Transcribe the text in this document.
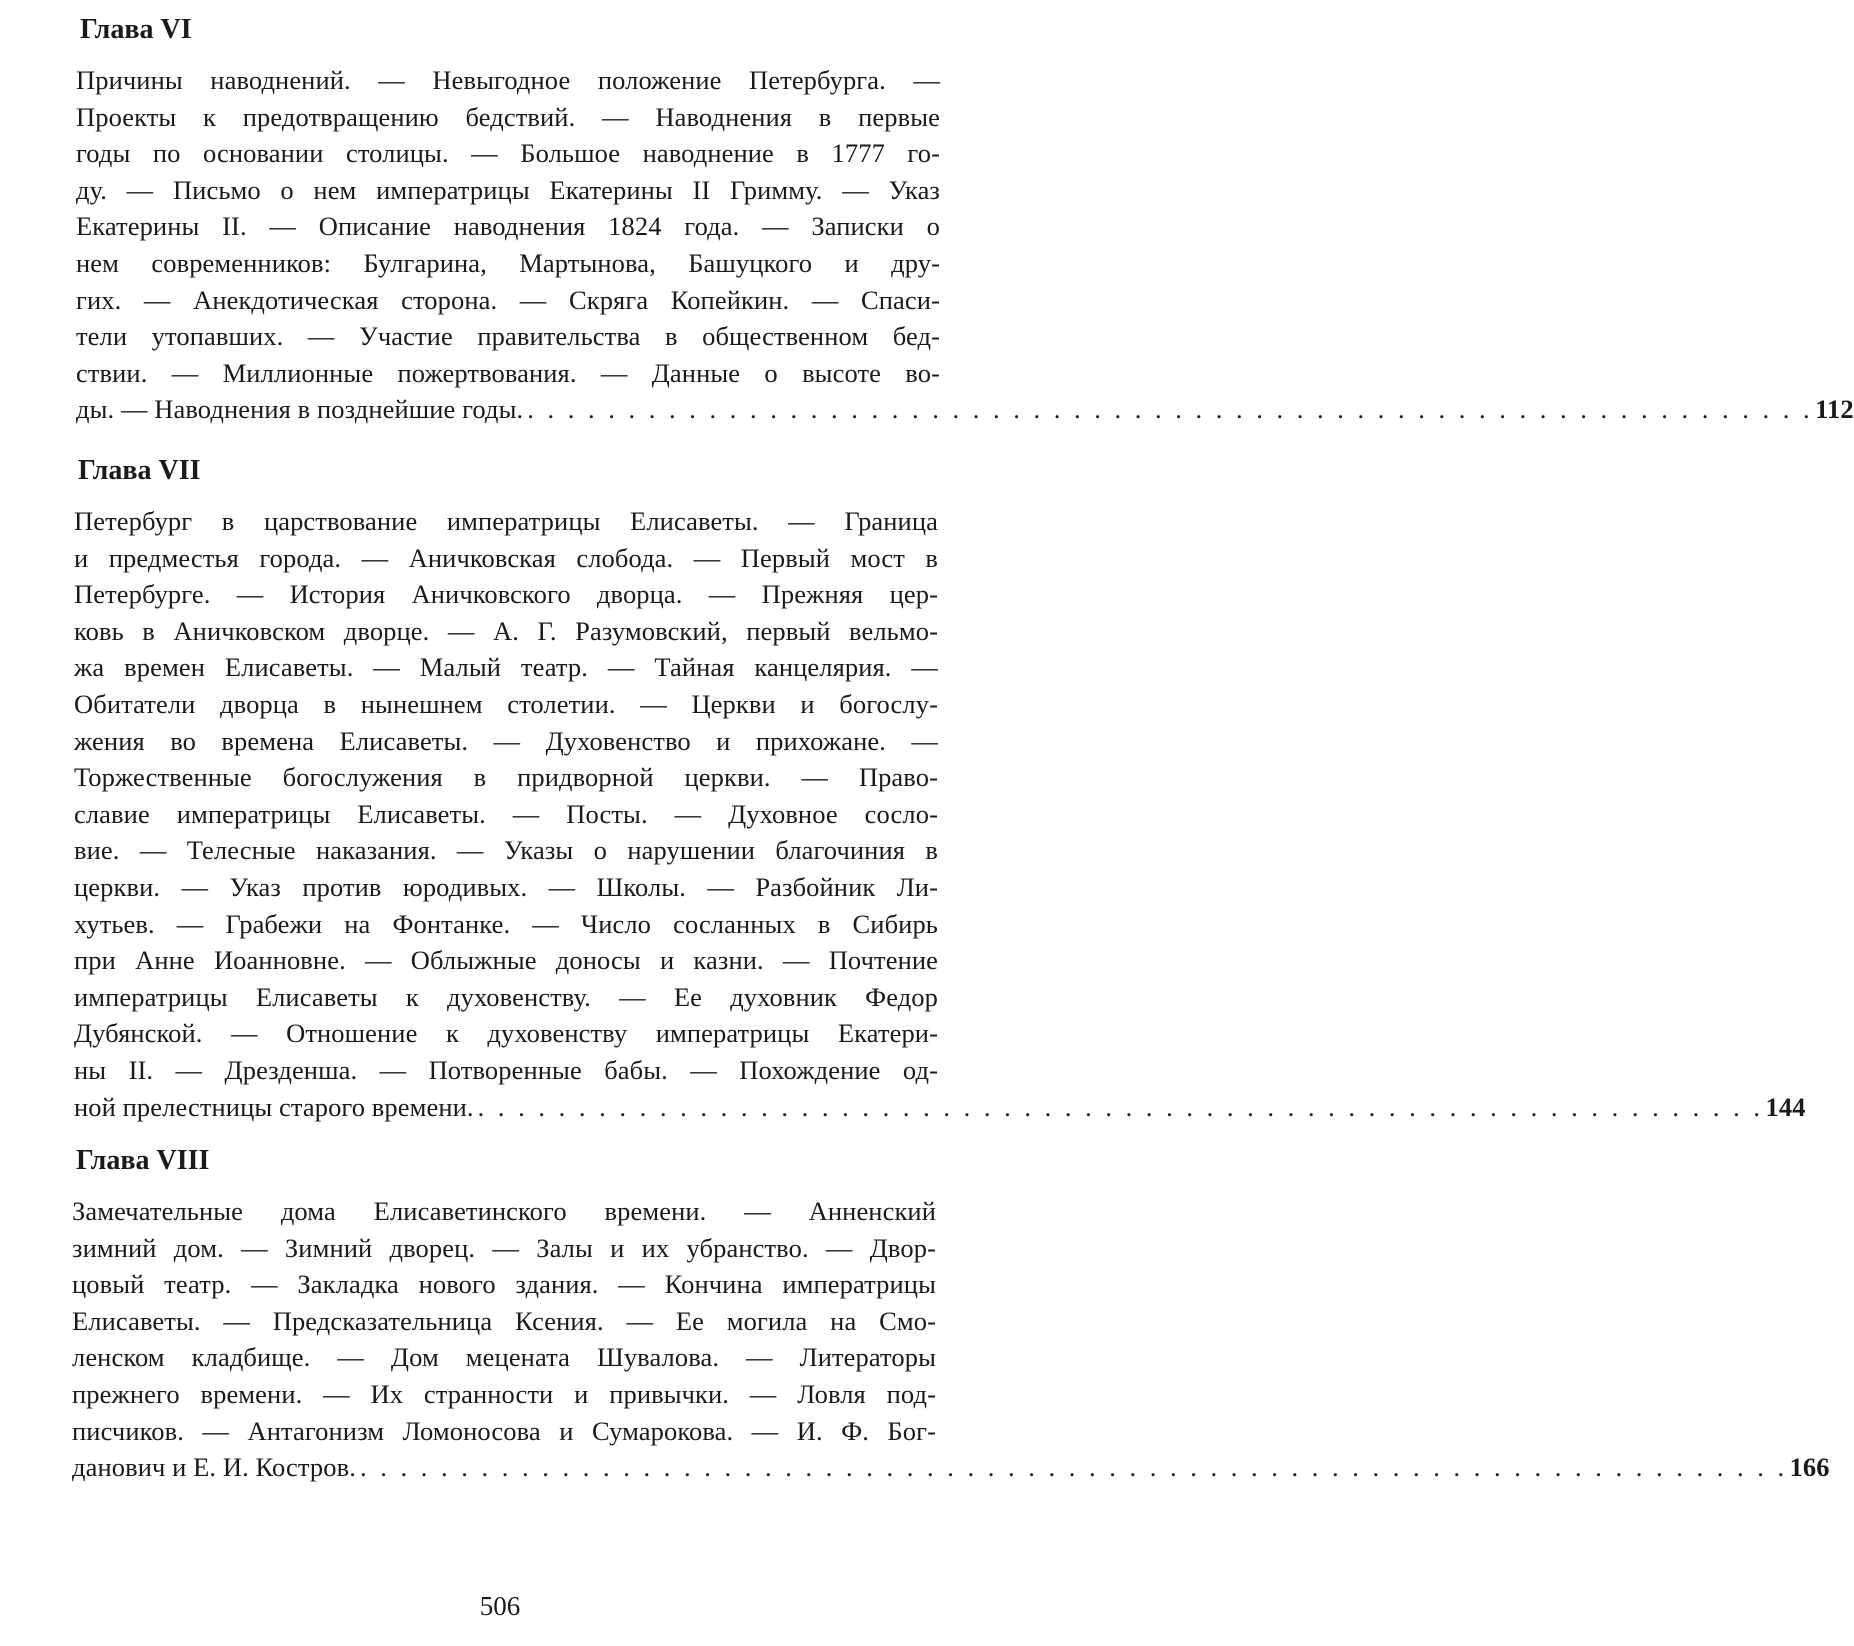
Глава VI
Причины наводнений. — Невыгодное положение Петербурга. —
Проекты к предотвращению бедствий. — Наводнения в первые
годы по основании столицы. — Большое наводнение в 1777 го-
ду. — Письмо о нем императрицы Екатерины II Гримму. — Указ
Екатерины II. — Описание наводнения 1824 года. — Записки о
нем современников: Булгарина, Мартынова, Башуцкого и дру-
гих. — Анекдотическая сторона. — Скряга Копейкин. — Спаси-
тели утопавших. — Участие правительства в общественном бед-
ствии. — Миллионные пожертвования. — Данные о высоте во-
ды. — Наводнения в позднейшие годы. . . . . . . . . . . . . . . . . . . . . . . . . . . . . . . . . . . . . . . . . . . . . . . . . . . . . . . . . . . . . . . . . 112
Глава VII
Петербург в царствование императрицы Елисаветы. — Граница
и предместья города. — Аничковская слобода. — Первый мост в
Петербурге. — История Аничковского дворца. — Прежняя цер-
ковь в Аничковском дворце. — А. Г. Разумовский, первый вельмо-
жа времен Елисаветы. — Малый театр. — Тайная канцелярия. —
Обитатели дворца в нынешнем столетии. — Церкви и богослу-
жения во времена Елисаветы. — Духовенство и прихожане. —
Торжественные богослужения в придворной церкви. — Право-
славие императрицы Елисаветы. — Посты. — Духовное сосло-
вие. — Телесные наказания. — Указы о нарушении благочиния в
церкви. — Указ против юродивых. — Школы. — Разбойник Ли-
хутьев. — Грабежи на Фонтанке. — Число сосланных в Сибирь
при Анне Иоанновне. — Облыжные доносы и казни. — Почтение
императрицы Елисаветы к духовенству. — Ее духовник Федор
Дубянской. — Отношение к духовенству императрицы Екатери-
ны II. — Дрезденша. — Потворенные бабы. — Похождение од-
ной прелестницы старого времени. . . . . . . . . . . . . . . . . . . . . . . . . . . . . . . . . . . . . . . . . . . . . . . . . . . . . . . . . . . . . . . . . 144
Глава VIII
Замечательные дома Елисаветинского времени. — Анненский
зимний дом. — Зимний дворец. — Залы и их убранство. — Двор-
цовый театр. — Закладка нового здания. — Кончина императрицы
Елисаветы. — Предсказательница Ксения. — Ее могила на Смо-
ленском кладбище. — Дом мецената Шувалова. — Литераторы
прежнего времени. — Их странности и привычки. — Ловля под-
писчиков. — Антагонизм Ломоносова и Сумарокова. — И. Ф. Бог-
данович и Е. И. Костров. . . . . . . . . . . . . . . . . . . . . . . . . . . . . . . . . . . . . . . . . . . . . . . . . . . . . . . . . . . . . . . . . . . . . . . . 166
506
